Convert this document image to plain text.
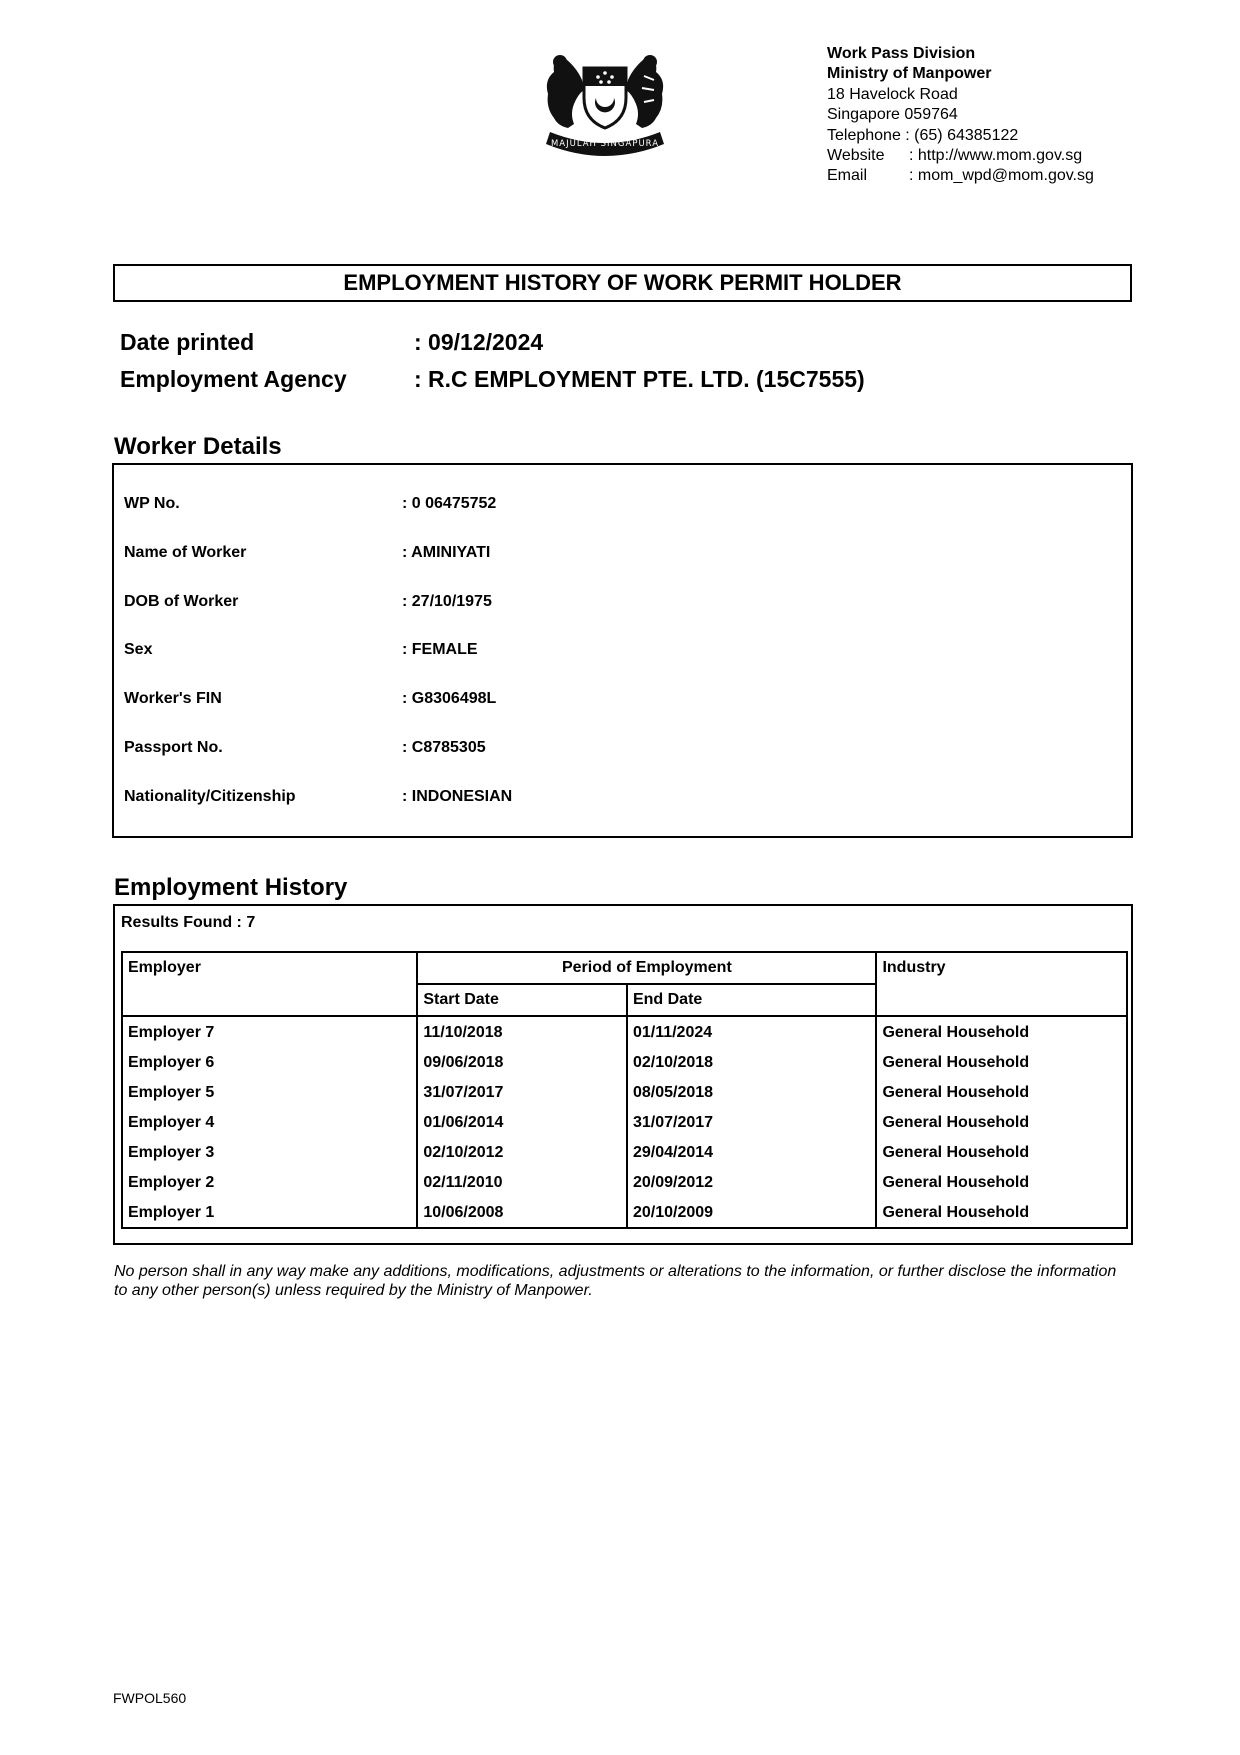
MAJULAH SINGAPURA
Work Pass Division
Ministry of Manpower
18 Havelock Road
Singapore 059764
Telephone : (65) 64385122
Website	: http://www.mom.gov.sg
Email	: mom_wpd@mom.gov.sg
EMPLOYMENT HISTORY OF WORK PERMIT HOLDER
Date printed	: 09/12/2024
Employment Agency	: R.C EMPLOYMENT PTE. LTD. (15C7555)
Worker Details
WP No.	: 0 06475752
Name of Worker	: AMINIYATI
DOB of Worker	: 27/10/1975
Sex	: FEMALE
Worker's FIN	: G8306498L
Passport No.	: C8785305
Nationality/Citizenship	: INDONESIAN
Employment History
Results Found : 7
Employer	Period of Employment		Industry
	Start Date	End Date	
Employer 7	11/10/2018	01/11/2024	General Household
Employer 6	09/06/2018	02/10/2018	General Household
Employer 5	31/07/2017	08/05/2018	General Household
Employer 4	01/06/2014	31/07/2017	General Household
Employer 3	02/10/2012	29/04/2014	General Household
Employer 2	02/11/2010	20/09/2012	General Household
Employer 1	10/06/2008	20/10/2009	General Household
No person shall in any way make any additions, modifications, adjustments or alterations to the information, or further disclose the information to any other person(s) unless required by the Ministry of Manpower.
FWPOL560
